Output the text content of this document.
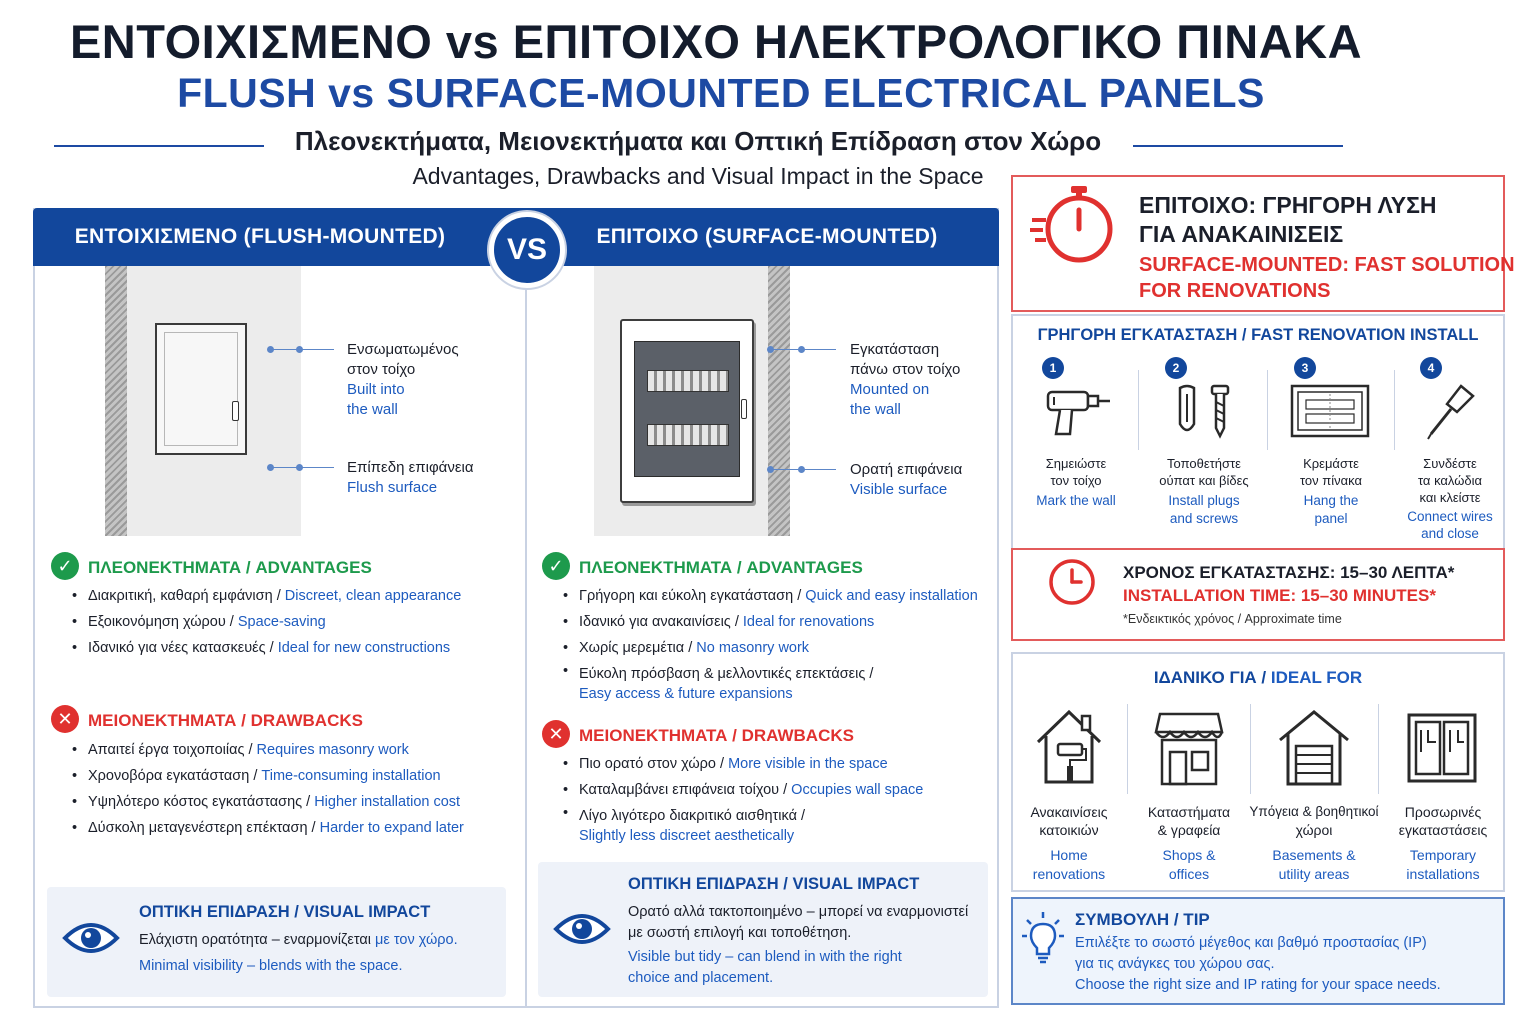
ΕΝΤΟΙΧΙΣΜΕΝΟ vs ΕΠΙΤΟΙΧΟ ΗΛΕΚΤΡΟΛΟΓΙΚΟ ΠΙΝΑΚΑ
FLUSH vs SURFACE-MOUNTED ELECTRICAL PANELS
Πλεονεκτήματα, Μειονεκτήματα και Οπτική Επίδραση στον Χώρο
Advantages, Drawbacks and Visual Impact in the Space
ΕΝΤΟΙΧΙΣΜΕΝΟ (FLUSH-MOUNTED)	ΕΠΙΤΟΙΧΟ (SURFACE-MOUNTED)
VS
Ενσωματωμένος
στον τοίχο
Built into
the wall
Επίπεδη επιφάνεια
Flush surface
✓ ΠΛΕΟΝΕΚΤΗΜΑΤΑ / ADVANTAGES
• Διακριτική, καθαρή εμφάνιση / Discreet, clean appearance
• Εξοικονόμηση χώρου / Space-saving
• Ιδανικό για νέες κατασκευές / Ideal for new constructions
✕ ΜΕΙΟΝΕΚΤΗΜΑΤΑ / DRAWBACKS
• Απαιτεί έργα τοιχοποιίας / Requires masonry work
• Χρονοβόρα εγκατάσταση / Time-consuming installation
• Υψηλότερο κόστος εγκατάστασης / Higher installation cost
• Δύσκολη μεταγενέστερη επέκταση / Harder to expand later
ΟΠΤΙΚΗ ΕΠΙΔΡΑΣΗ / VISUAL IMPACT
Ελάχιστη ορατότητα – εναρμονίζεται με τον χώρο.
Minimal visibility – blends with the space.
Εγκατάσταση
πάνω στον τοίχο
Mounted on
the wall
Ορατή επιφάνεια
Visible surface
✓ ΠΛΕΟΝΕΚΤΗΜΑΤΑ / ADVANTAGES
• Γρήγορη και εύκολη εγκατάσταση / Quick and easy installation
• Ιδανικό για ανακαινίσεις / Ideal for renovations
• Χωρίς μερεμέτια / No masonry work
• Εύκολη πρόσβαση & μελλοντικές επεκτάσεις /
Easy access & future expansions
✕ ΜΕΙΟΝΕΚΤΗΜΑΤΑ / DRAWBACKS
• Πιο ορατό στον χώρο / More visible in the space
• Καταλαμβάνει επιφάνεια τοίχου / Occupies wall space
• Λίγο λιγότερο διακριτικό αισθητικά /
Slightly less discreet aesthetically
ΟΠΤΙΚΗ ΕΠΙΔΡΑΣΗ / VISUAL IMPACT
Ορατό αλλά τακτοποιημένο – μπορεί να εναρμονιστεί
με σωστή επιλογή και τοποθέτηση.
Visible but tidy – can blend in with the right
choice and placement.
ΕΠΙΤΟΙΧΟ: ΓΡΗΓΟΡΗ ΛΥΣΗ
ΓΙΑ ΑΝΑΚΑΙΝΙΣΕΙΣ
SURFACE-MOUNTED: FAST SOLUTION
FOR RENOVATIONS
ΓΡΗΓΟΡΗ ΕΓΚΑΤΑΣΤΑΣΗ / FAST RENOVATION INSTALL
1
Σημειώστε
τον τοίχο
Mark the wall
2
Τοποθετήστε
ούπατ και βίδες
Install plugs
and screws
3
Κρεμάστε
τον πίνακα
Hang the
panel
4
Συνδέστε
τα καλώδια
και κλείστε
Connect wires
and close
ΧΡΟΝΟΣ ΕΓΚΑΤΑΣΤΑΣΗΣ: 15–30 ΛΕΠΤΑ*
INSTALLATION TIME: 15–30 MINUTES*
*Ενδεικτικός χρόνος / Approximate time
ΙΔΑΝΙΚΟ ΓΙΑ / IDEAL FOR
Ανακαινίσεις
κατοικιών
Home
renovations
Καταστήματα
& γραφεία
Shops &
offices
Υπόγεια & βοηθητικοί
χώροι
Basements &
utility areas
Προσωρινές
εγκαταστάσεις
Temporary
installations
ΣΥΜΒΟΥΛΗ / TIP
Επιλέξτε το σωστό μέγεθος και βαθμό προστασίας (IP)
για τις ανάγκες του χώρου σας.
Choose the right size and IP rating for your space needs.
